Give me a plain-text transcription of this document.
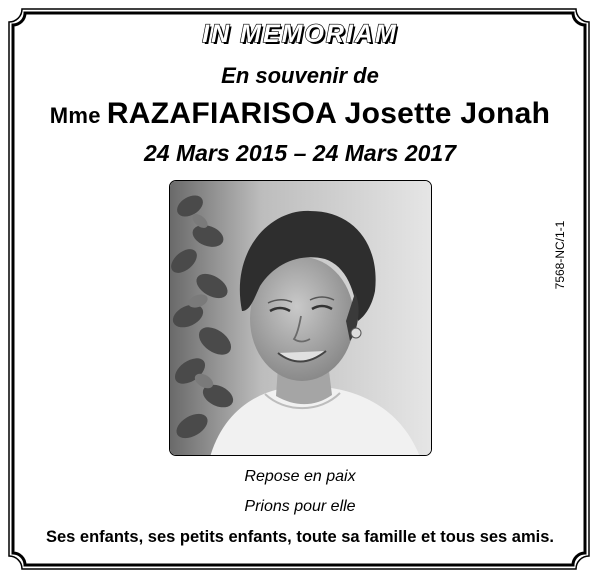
IN MEMORIAM
En souvenir de
Mme RAZAFIARISOA Josette Jonah
24 Mars 2015 – 24 Mars 2017
Repose en paix
Prions pour elle
Ses enfants, ses petits enfants, toute sa famille et tous ses amis.
7568-NC/1-1
